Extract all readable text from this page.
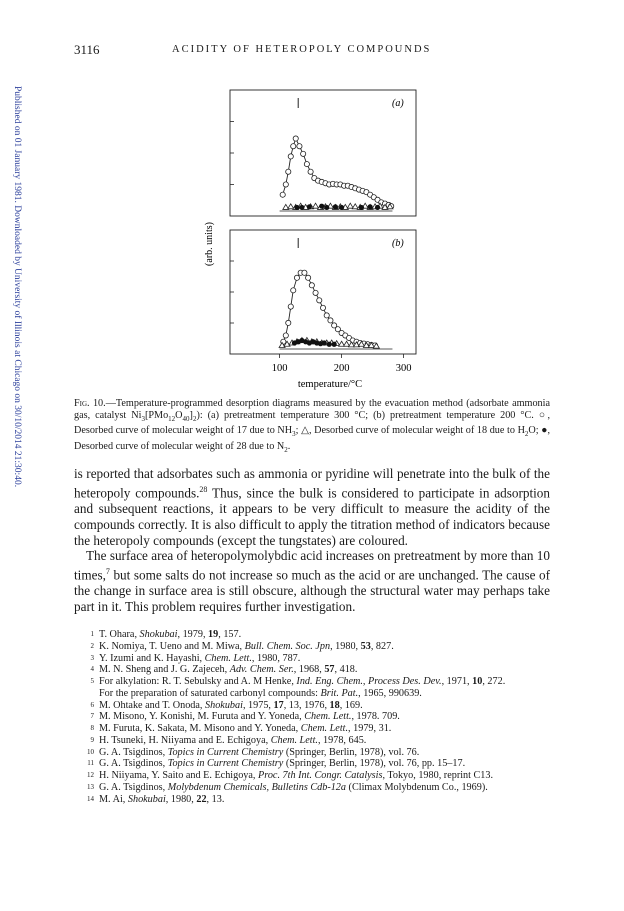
Published on 01 January 1981. Downloaded by University of Illinois at Chicago on 30/10/2014 21:30:40.
3116	ACIDITY OF HETEROPOLY COMPOUNDS
(arb. units)
(a)
(b)
temperature/°C
100	200	300
Fig. 10.—Temperature-programmed desorption diagrams measured by the evacuation method (adsorbate ammonia gas, catalyst $Ni_3[PMo_{12}O_{40}]_2$): (a) pretreatment temperature 300 °C; (b) pretreatment temperature 200 °C. ○, Desorbed curve of molecular weight of 17 due to $NH_3$; △, Desorbed curve of molecular weight of 18 due to $H_2O$; ●, Desorbed curve of molecular weight of 28 due to $N_2$.

is reported that adsorbates such as ammonia or pyridine will penetrate into the bulk of the heteropoly compounds.$^{28}$ Thus, since the bulk is considered to participate in adsorption and subsequent reactions, it appears to be very difficult to measure the acidity of the compounds correctly. It is also difficult to apply the titration method of indicators because the heteropoly compounds (except the tungstates) are coloured.

The surface area of heteropolymolybdic acid increases on pretreatment by more than 10 times,$^7$ but some salts do not increase so much as the acid or are unchanged. The cause of the change in surface area is still obscure, although the structural water may perhaps take part in it. This problem requires further investigation.

1 T. Ohara, Shokubai, 1979, 19, 157.
2 K. Nomiya, T. Ueno and M. Miwa, Bull. Chem. Soc. Jpn, 1980, 53, 827.
3 Y. Izumi and K. Hayashi, Chem. Lett., 1980, 787.
4 M. N. Sheng and J. G. Zajeceh, Adv. Chem. Ser., 1968, 57, 418.
5 For alkylation: R. T. Sebulsky and A. M Henke, Ind. Eng. Chem., Process Des. Dev., 1971, 10, 272.
For the preparation of saturated carbonyl compounds: Brit. Pat., 1965, 990639.
6 M. Ohtake and T. Onoda, Shokubai, 1975, 17, 13, 1976, 18, 169.
7 M. Misono, Y. Konishi, M. Furuta and Y. Yoneda, Chem. Lett., 1978. 709.
8 M. Furuta, K. Sakata, M. Misono and Y. Yoneda, Chem. Lett., 1979, 31.
9 H. Tsuneki, H. Niiyama and E. Echigoya, Chem. Lett., 1978, 645.
10 G. A. Tsigdinos, Topics in Current Chemistry (Springer, Berlin, 1978), vol. 76.
11 G. A. Tsigdinos, Topics in Current Chemistry (Springer, Berlin, 1978), vol. 76, pp. 15–17.
12 H. Niiyama, Y. Saito and E. Echigoya, Proc. 7th Int. Congr. Catalysis, Tokyo, 1980, reprint C13.
13 G. A. Tsigdinos, Molybdenum Chemicals, Bulletins Cdb-12a (Climax Molybdenum Co., 1969).
14 M. Ai, Shokubai, 1980, 22, 13.
